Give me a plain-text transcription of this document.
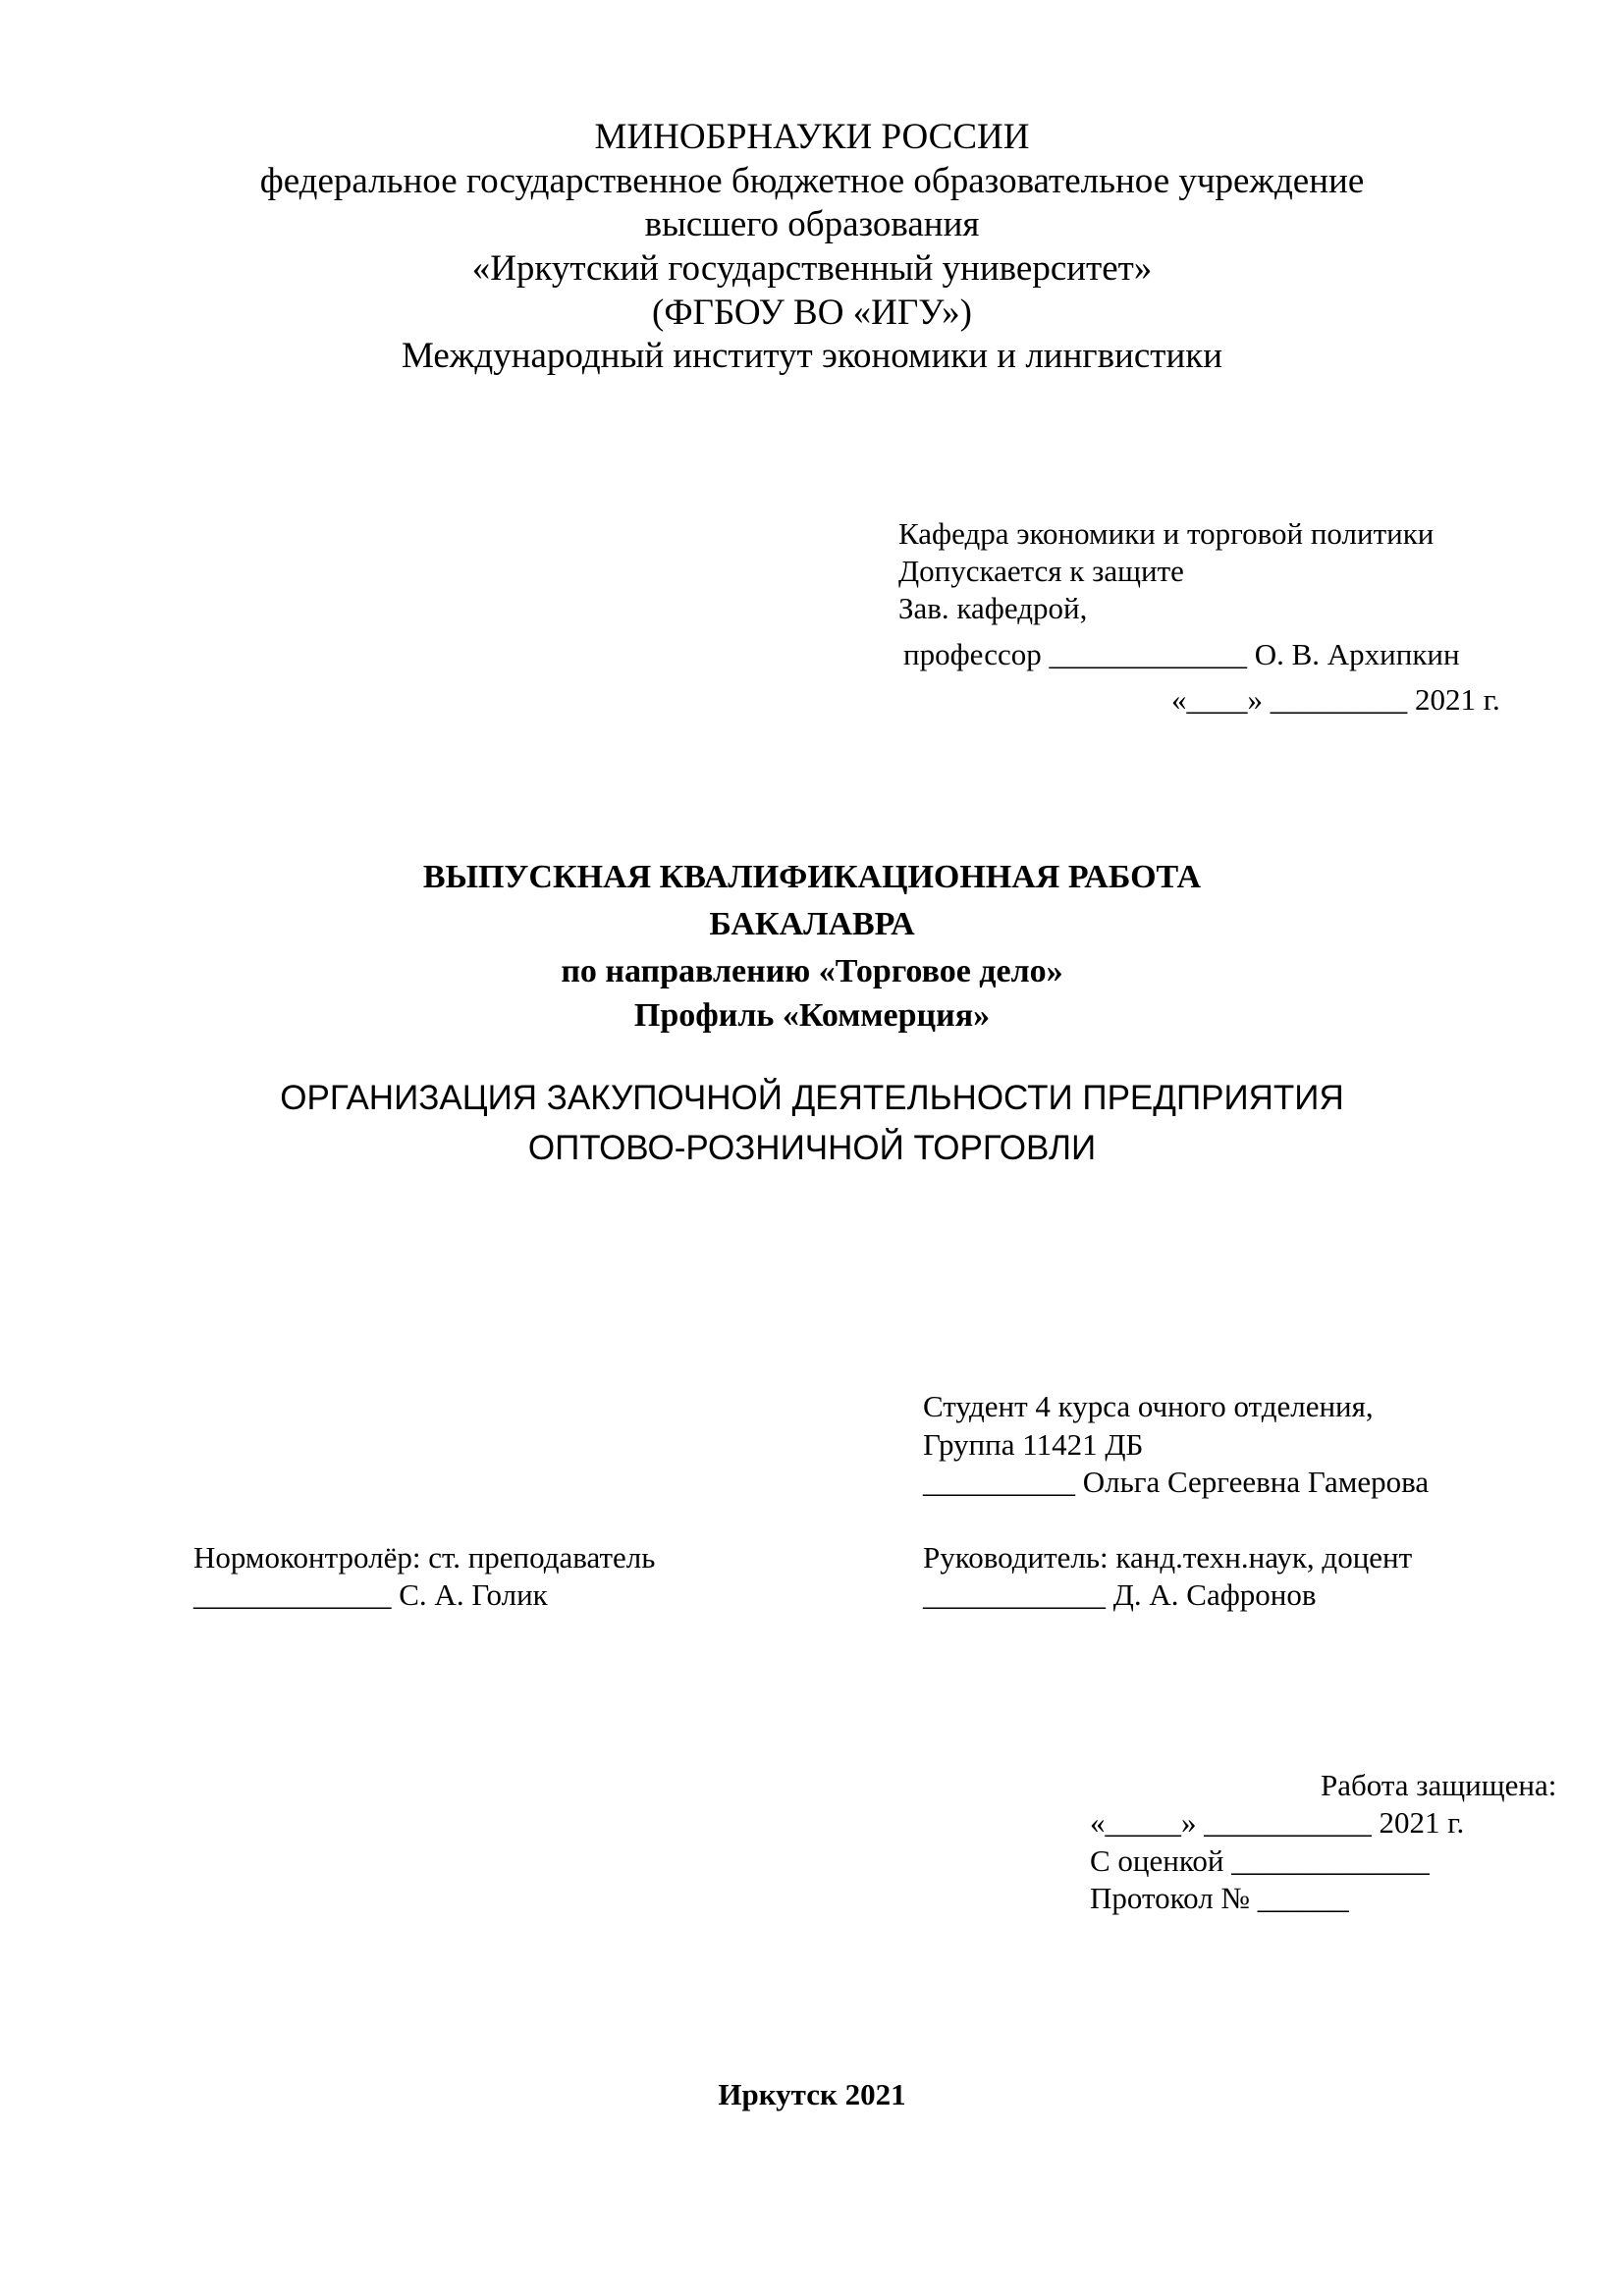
МИНОБРНАУКИ РОССИИ
федеральное государственное бюджетное образовательное учреждение
высшего образования
«Иркутский государственный университет»
(ФГБОУ ВО «ИГУ»)
Международный институт экономики и лингвистики
Кафедра экономики и торговой политики
Допускается к защите
Зав. кафедрой,
профессор _____________ О. В. Архипкин
«____» _________ 2021 г.
ВЫПУСКНАЯ КВАЛИФИКАЦИОННАЯ РАБОТА
БАКАЛАВРА
по направлению «Торговое дело»
Профиль «Коммерция»
ОРГАНИЗАЦИЯ ЗАКУПОЧНОЙ ДЕЯТЕЛЬНОСТИ ПРЕДПРИЯТИЯ
ОПТОВО-РОЗНИЧНОЙ ТОРГОВЛИ
Студент 4 курса очного отделения,
Группа 11421 ДБ
__________ Ольга Сергеевна Гамерова
Нормоконтролёр: ст. преподаватель
_____________ С. А. Голик
Руководитель: канд.техн.наук, доцент
____________ Д. А. Сафронов
Работа защищена:
«_____» ___________ 2021 г.
С оценкой _____________
Протокол № ______
Иркутск 2021
